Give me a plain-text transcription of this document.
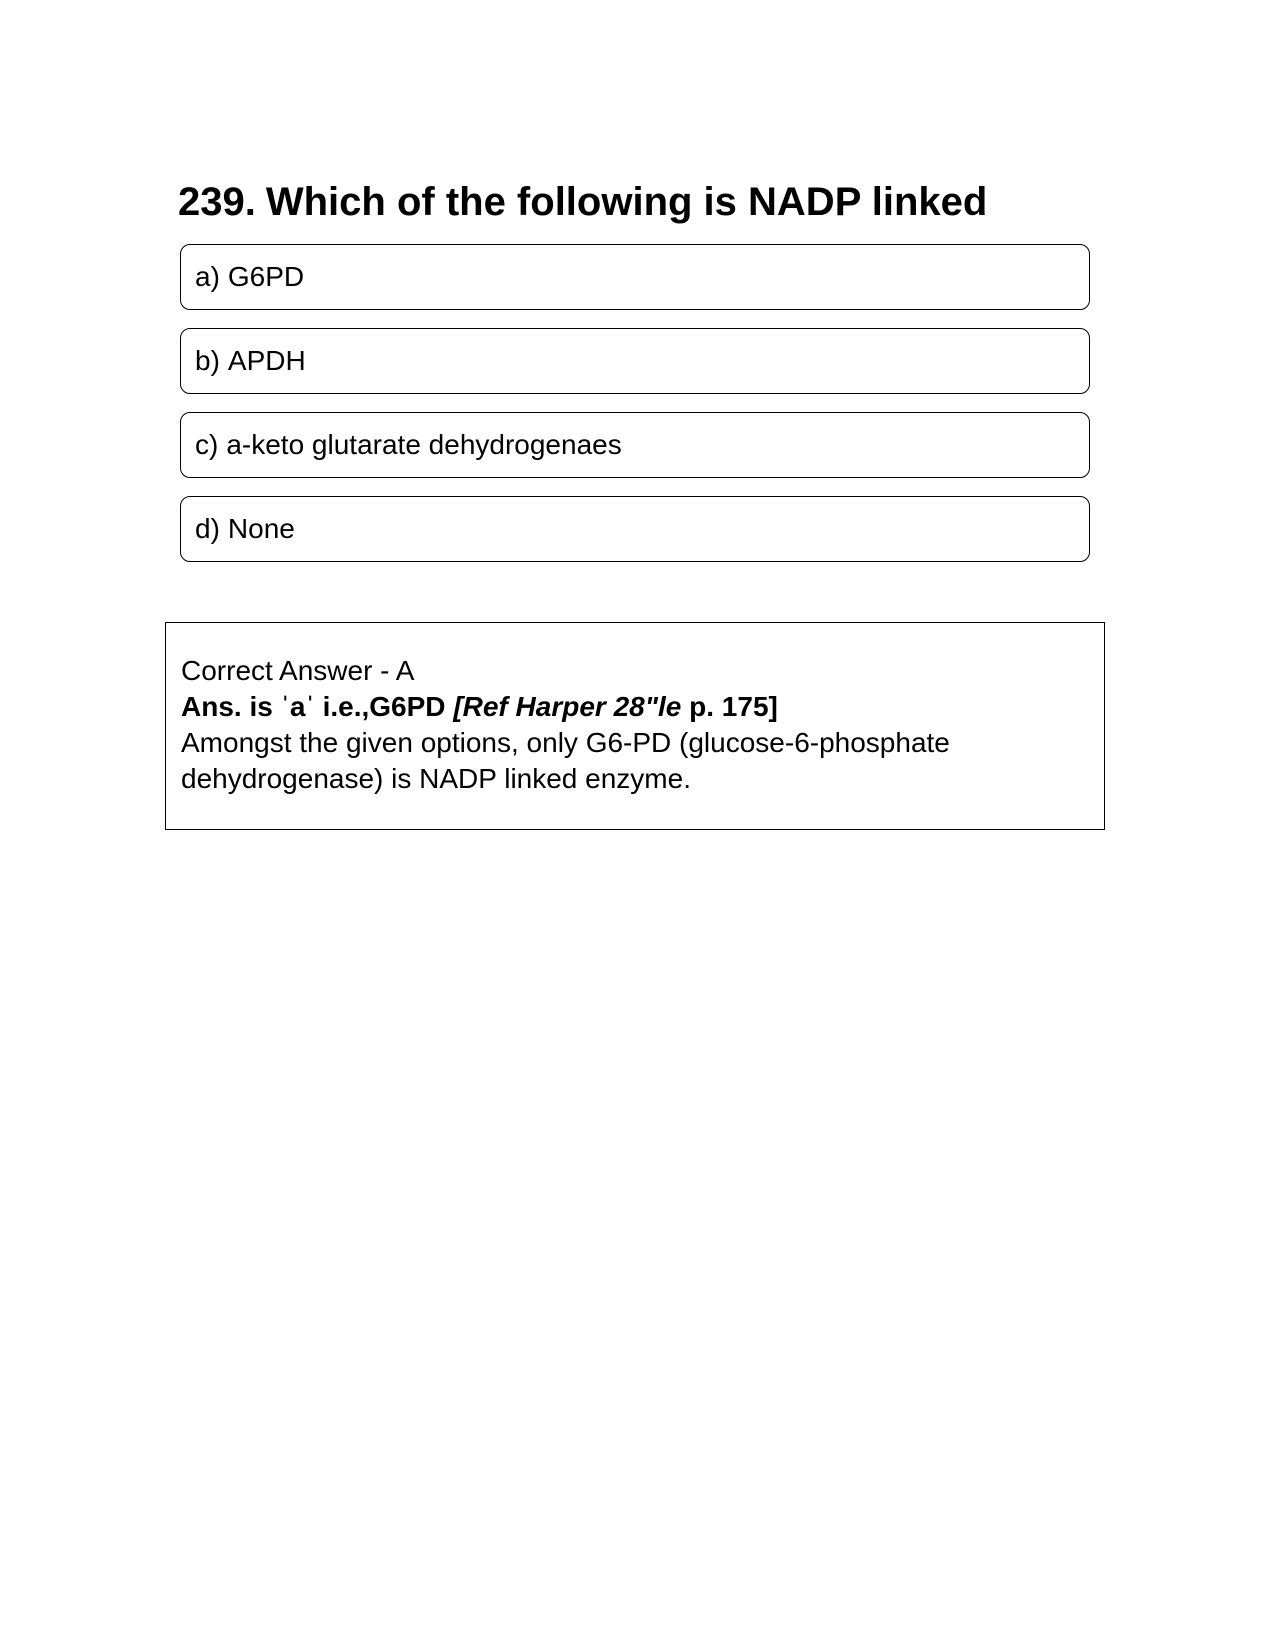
239. Which of the following is NADP linked
a) G6PD
b) APDH
c) a-keto glutarate dehydrogenaes
d) None
Correct Answer - A
Ans. is ˈaˈ i.e.,G6PD [Ref Harper 28"le p. 175]
Amongst the given options, only G6-PD (glucose-6-phosphate dehydrogenase) is NADP linked enzyme.
